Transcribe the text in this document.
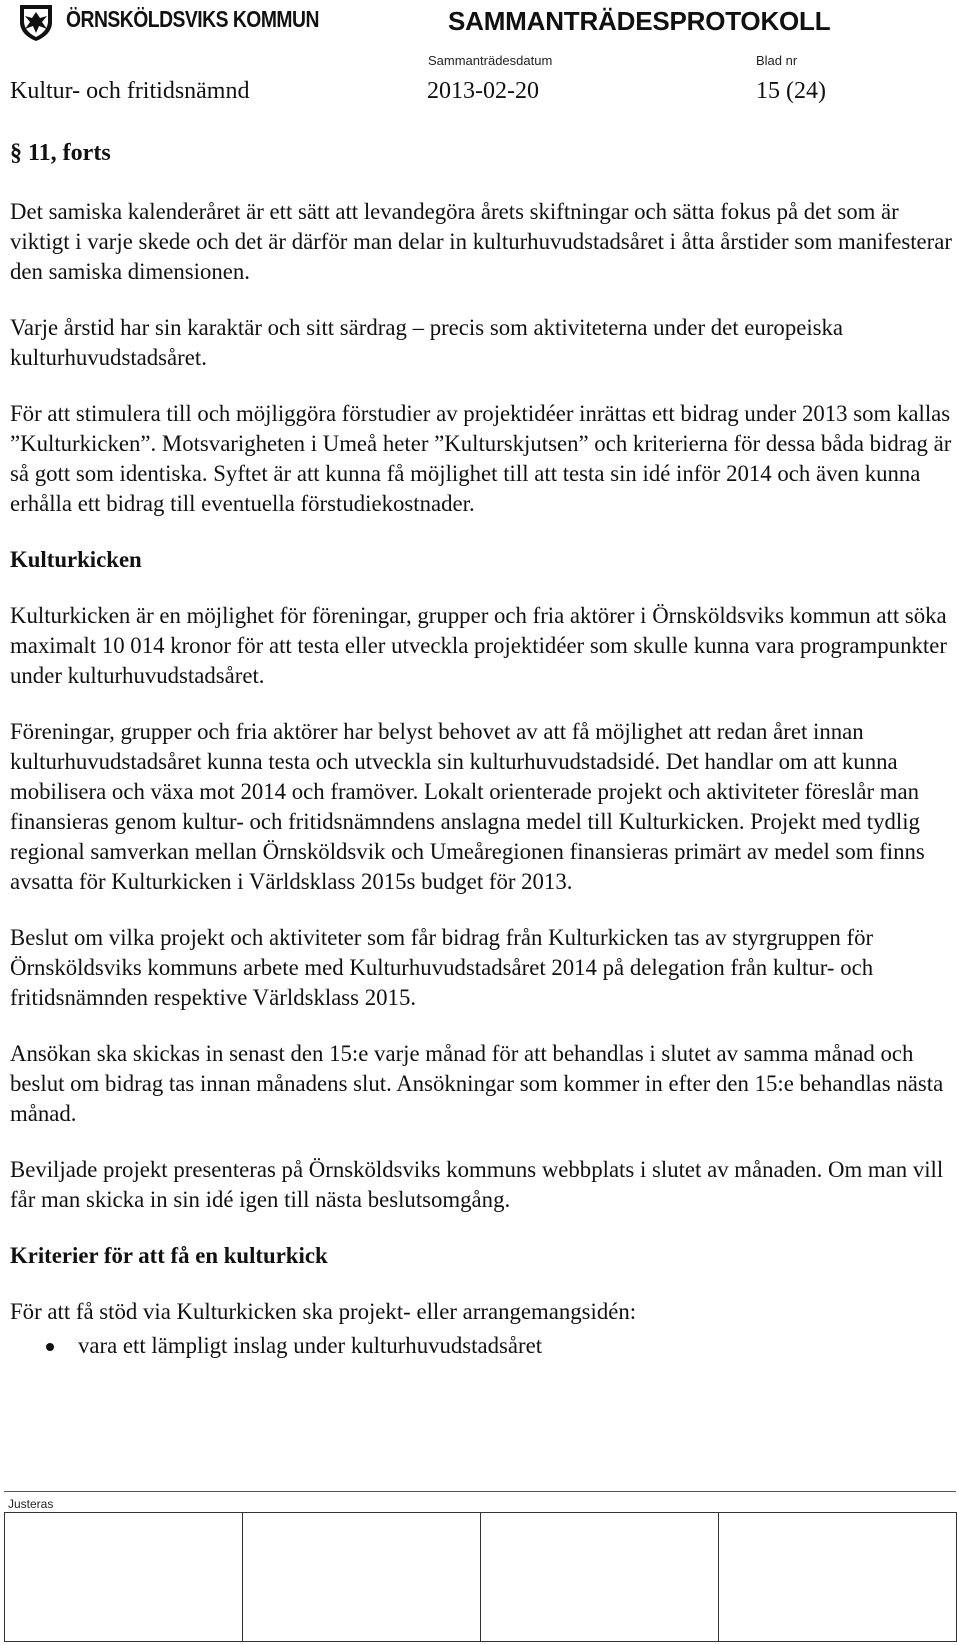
ÖRNSKÖLDSVIKS KOMMUN	SAMMANTRÄDESPROTOKOLL
Sammanträdesdatum	Blad nr
Kultur- och fritidsnämnd	2013-02-20	15 (24)
§ 11, forts

Det samiska kalenderåret är ett sätt att levandegöra årets skiftningar och sätta fokus på det som är viktigt i varje skede och det är därför man delar in kulturhuvudstadsåret i åtta årstider som manifesterar den samiska dimensionen.

Varje årstid har sin karaktär och sitt särdrag – precis som aktiviteterna under det europeiska kulturhuvudstadsåret.

För att stimulera till och möjliggöra förstudier av projektidéer inrättas ett bidrag under 2013 som kallas ”Kulturkicken”. Motsvarigheten i Umeå heter ”Kulturskjutsen” och kriterierna för dessa båda bidrag är så gott som identiska. Syftet är att kunna få möjlighet till att testa sin idé inför 2014 och även kunna erhålla ett bidrag till eventuella förstudiekostnader.

Kulturkicken

Kulturkicken är en möjlighet för föreningar, grupper och fria aktörer i Örnsköldsviks kommun att söka maximalt 10 014 kronor för att testa eller utveckla projektidéer som skulle kunna vara programpunkter under kulturhuvudstadsåret.

Föreningar, grupper och fria aktörer har belyst behovet av att få möjlighet att redan året innan kulturhuvudstadsåret kunna testa och utveckla sin kulturhuvudstadsidé. Det handlar om att kunna mobilisera och växa mot 2014 och framöver. Lokalt orienterade projekt och aktiviteter föreslår man finansieras genom kultur- och fritidsnämndens anslagna medel till Kulturkicken. Projekt med tydlig regional samverkan mellan Örnsköldsvik och Umeåregionen finansieras primärt av medel som finns avsatta för Kulturkicken i Världsklass 2015s budget för 2013.

Beslut om vilka projekt och aktiviteter som får bidrag från Kulturkicken tas av styrgruppen för Örnsköldsviks kommuns arbete med Kulturhuvudstadsåret 2014 på delegation från kultur- och fritidsnämnden respektive Världsklass 2015.

Ansökan ska skickas in senast den 15:e varje månad för att behandlas i slutet av samma månad och beslut om bidrag tas innan månadens slut. Ansökningar som kommer in efter den 15:e behandlas nästa månad.

Beviljade projekt presenteras på Örnsköldsviks kommuns webbplats i slutet av månaden. Om man vill får man skicka in sin idé igen till nästa beslutsomgång.

Kriterier för att få en kulturkick

För att få stöd via Kulturkicken ska projekt- eller arrangemangsidén:

vara ett lämpligt inslag under kulturhuvudstadsåret
Justeras
